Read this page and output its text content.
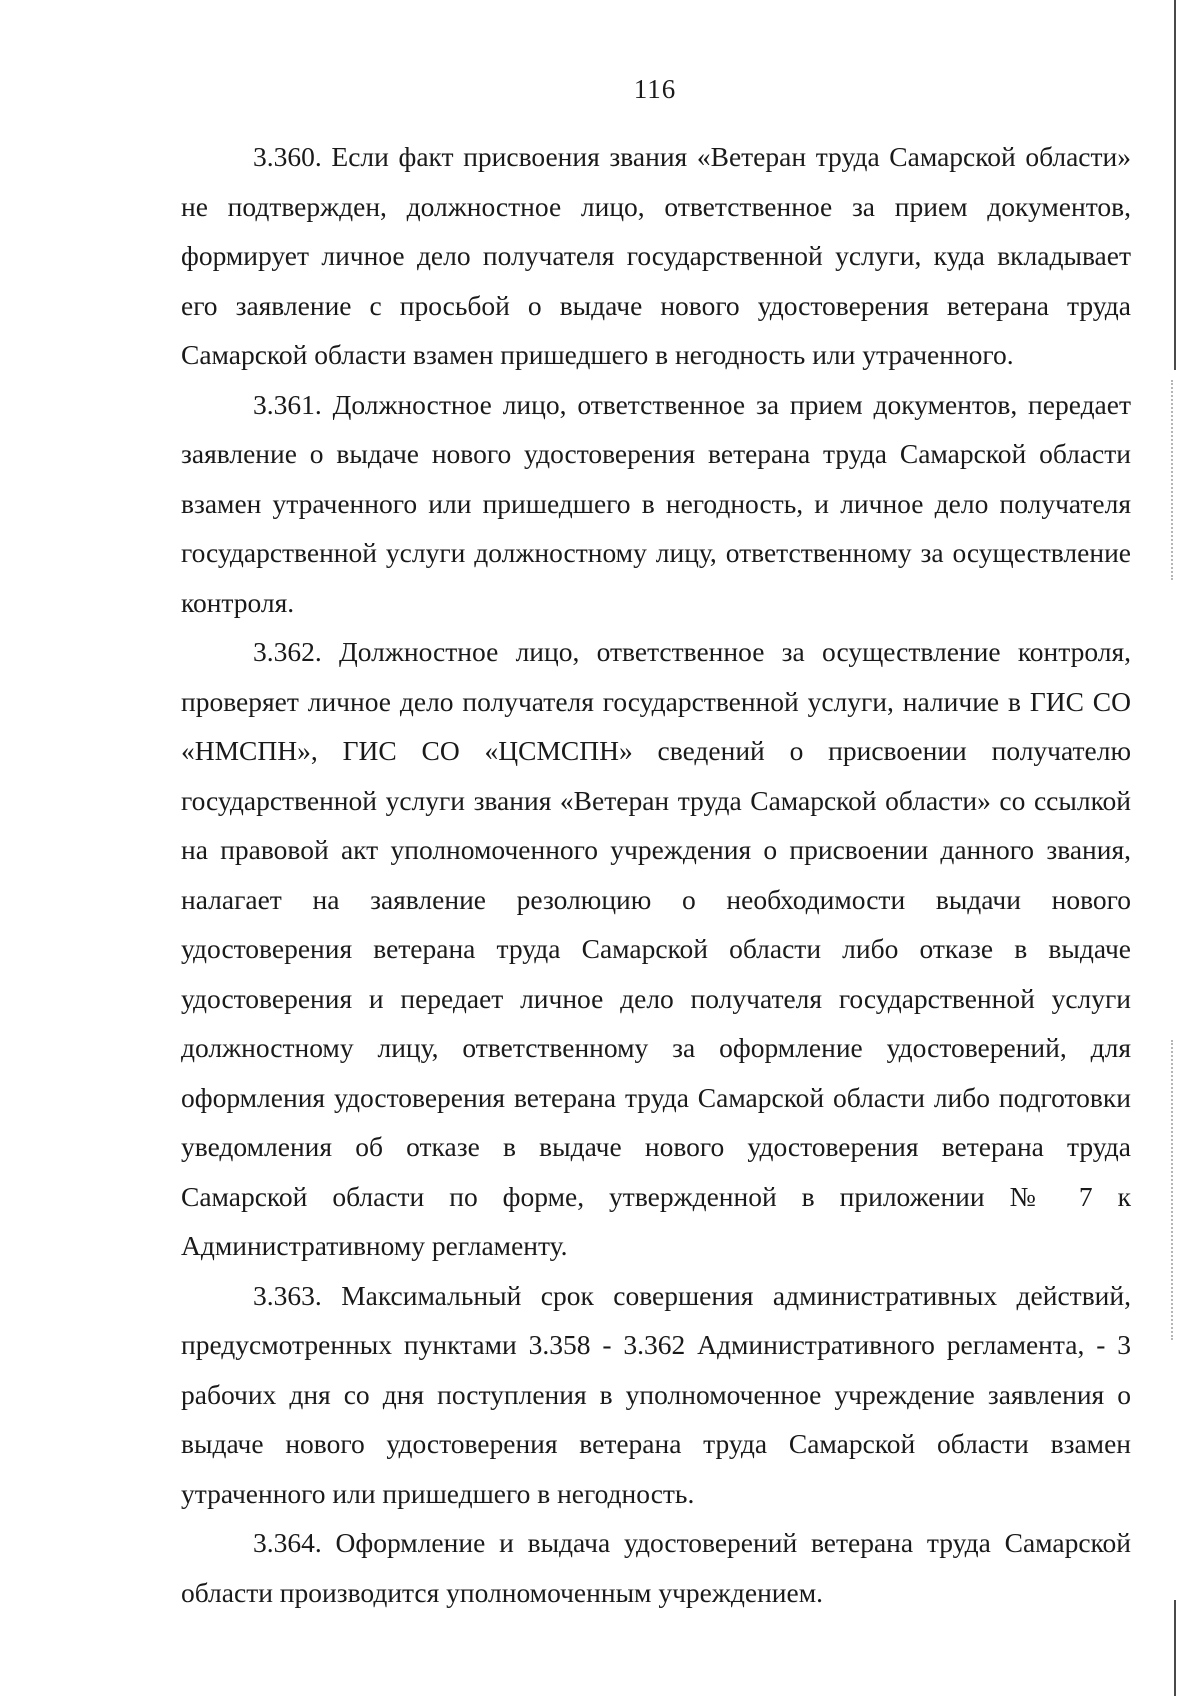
116

3.360. Если факт присвоения звания «Ветеран труда Самарской области» не подтвержден, должностное лицо, ответственное за прием документов, формирует личное дело получателя государственной услуги, куда вкладывает его заявление с просьбой о выдаче нового удостоверения ветерана труда Самарской области взамен пришедшего в негодность или утраченного.

3.361. Должностное лицо, ответственное за прием документов, передает заявление о выдаче нового удостоверения ветерана труда Самарской области взамен утраченного или пришедшего в негодность, и личное дело получателя государственной услуги должностному лицу, ответственному за осуществление контроля.

3.362. Должностное лицо, ответственное за осуществление контроля, проверяет личное дело получателя государственной услуги, наличие в ГИС СО «НМСПН», ГИС СО «ЦСМСПН» сведений о присвоении получателю государственной услуги звания «Ветеран труда Самарской области» со ссылкой на правовой акт уполномоченного учреждения о присвоении данного звания, налагает на заявление резолюцию о необходимости выдачи нового удостоверения ветерана труда Самарской области либо отказе в выдаче удостоверения и передает личное дело получателя государственной услуги должностному лицу, ответственному за оформление удостоверений, для оформления удостоверения ветерана труда Самарской области либо подготовки уведомления об отказе в выдаче нового удостоверения ветерана труда Самарской области по форме, утвержденной в приложении № 7 к Административному регламенту.

3.363. Максимальный срок совершения административных действий, предусмотренных пунктами 3.358 - 3.362 Административного регламента, - 3 рабочих дня со дня поступления в уполномоченное учреждение заявления о выдаче нового удостоверения ветерана труда Самарской области взамен утраченного или пришедшего в негодность.

3.364. Оформление и выдача удостоверений ветерана труда Самарской области производится уполномоченным учреждением.
